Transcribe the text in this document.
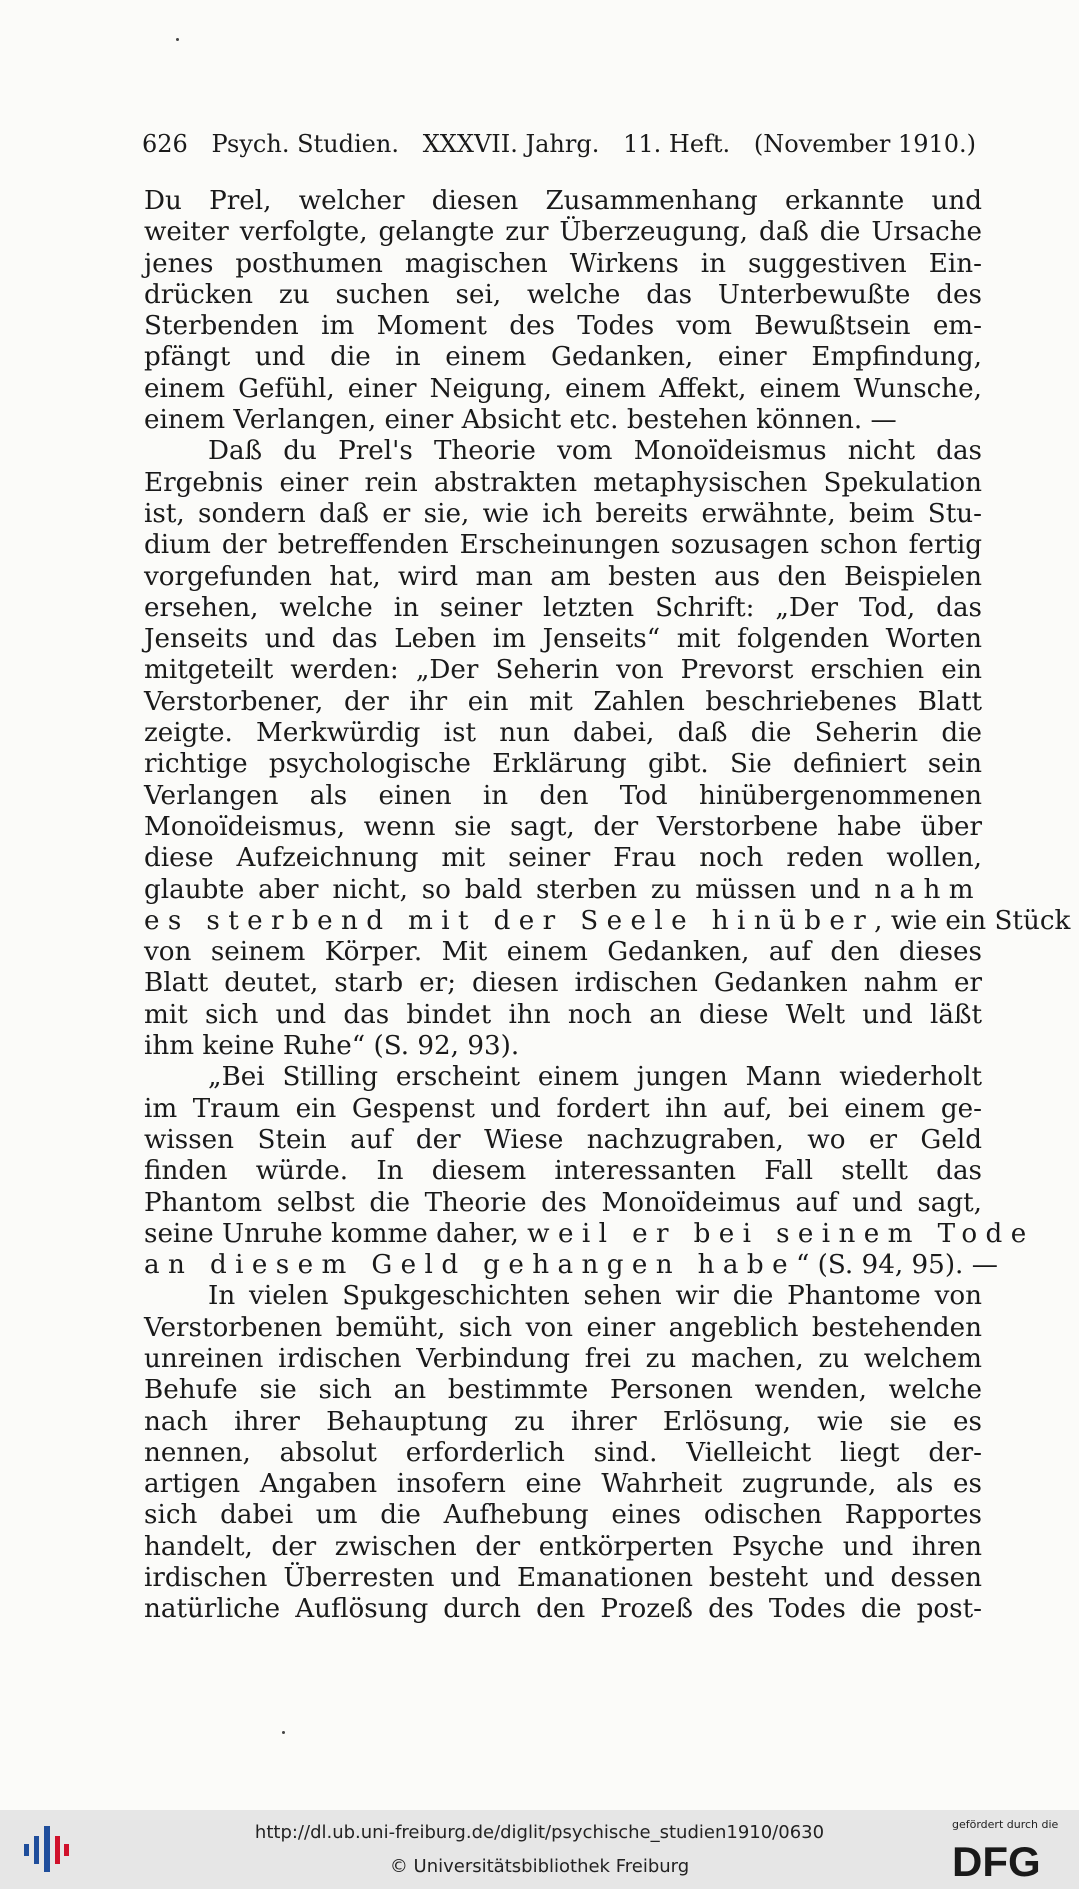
626 Psych. Studien. XXXVII. Jahrg. 11. Heft. (November 1910.)
Du Prel, welcher diesen Zusammenhang erkannte und
weiter verfolgte, gelangte zur Überzeugung, daß die Ursache
jenes posthumen magischen Wirkens in suggestiven Ein-
drücken zu suchen sei, welche das Unterbewußte des
Sterbenden im Moment des Todes vom Bewußtsein em-
pfängt und die in einem Gedanken, einer Empfindung,
einem Gefühl, einer Neigung, einem Affekt, einem Wunsche,
einem Verlangen, einer Absicht etc. bestehen können. —
Daß du Prel's Theorie vom Monoïdeismus nicht das
Ergebnis einer rein abstrakten metaphysischen Spekulation
ist, sondern daß er sie, wie ich bereits erwähnte, beim Stu-
dium der betreffenden Erscheinungen sozusagen schon fertig
vorgefunden hat, wird man am besten aus den Beispielen
ersehen, welche in seiner letzten Schrift: „Der Tod, das
Jenseits und das Leben im Jenseits“ mit folgenden Worten
mitgeteilt werden: „Der Seherin von Prevorst erschien ein
Verstorbener, der ihr ein mit Zahlen beschriebenes Blatt
zeigte. Merkwürdig ist nun dabei, daß die Seherin die
richtige psychologische Erklärung gibt. Sie definiert sein
Verlangen als einen in den Tod hinübergenommenen
Monoïdeismus, wenn sie sagt, der Verstorbene habe über
diese Aufzeichnung mit seiner Frau noch reden wollen,
glaubte aber nicht, so bald sterben zu müssen und nahm
es sterbend mit der Seele hinüber, wie ein Stück
von seinem Körper. Mit einem Gedanken, auf den dieses
Blatt deutet, starb er; diesen irdischen Gedanken nahm er
mit sich und das bindet ihn noch an diese Welt und läßt
ihm keine Ruhe“ (S. 92, 93).
„Bei Stilling erscheint einem jungen Mann wiederholt
im Traum ein Gespenst und fordert ihn auf, bei einem ge-
wissen Stein auf der Wiese nachzugraben, wo er Geld
finden würde. In diesem interessanten Fall stellt das
Phantom selbst die Theorie des Monoïdeimus auf und sagt,
seine Unruhe komme daher, weil er bei seinem Tode
an diesem Geld gehangen habe“ (S. 94, 95). —
In vielen Spukgeschichten sehen wir die Phantome von
Verstorbenen bemüht, sich von einer angeblich bestehenden
unreinen irdischen Verbindung frei zu machen, zu welchem
Behufe sie sich an bestimmte Personen wenden, welche
nach ihrer Behauptung zu ihrer Erlösung, wie sie es
nennen, absolut erforderlich sind. Vielleicht liegt der-
artigen Angaben insofern eine Wahrheit zugrunde, als es
sich dabei um die Aufhebung eines odischen Rapportes
handelt, der zwischen der entkörperten Psyche und ihren
irdischen Überresten und Emanationen besteht und dessen
natürliche Auflösung durch den Prozeß des Todes die post-
http://dl.ub.uni-freiburg.de/diglit/psychische_studien1910/0630
© Universitätsbibliothek Freiburg
gefördert durch die
DFG
